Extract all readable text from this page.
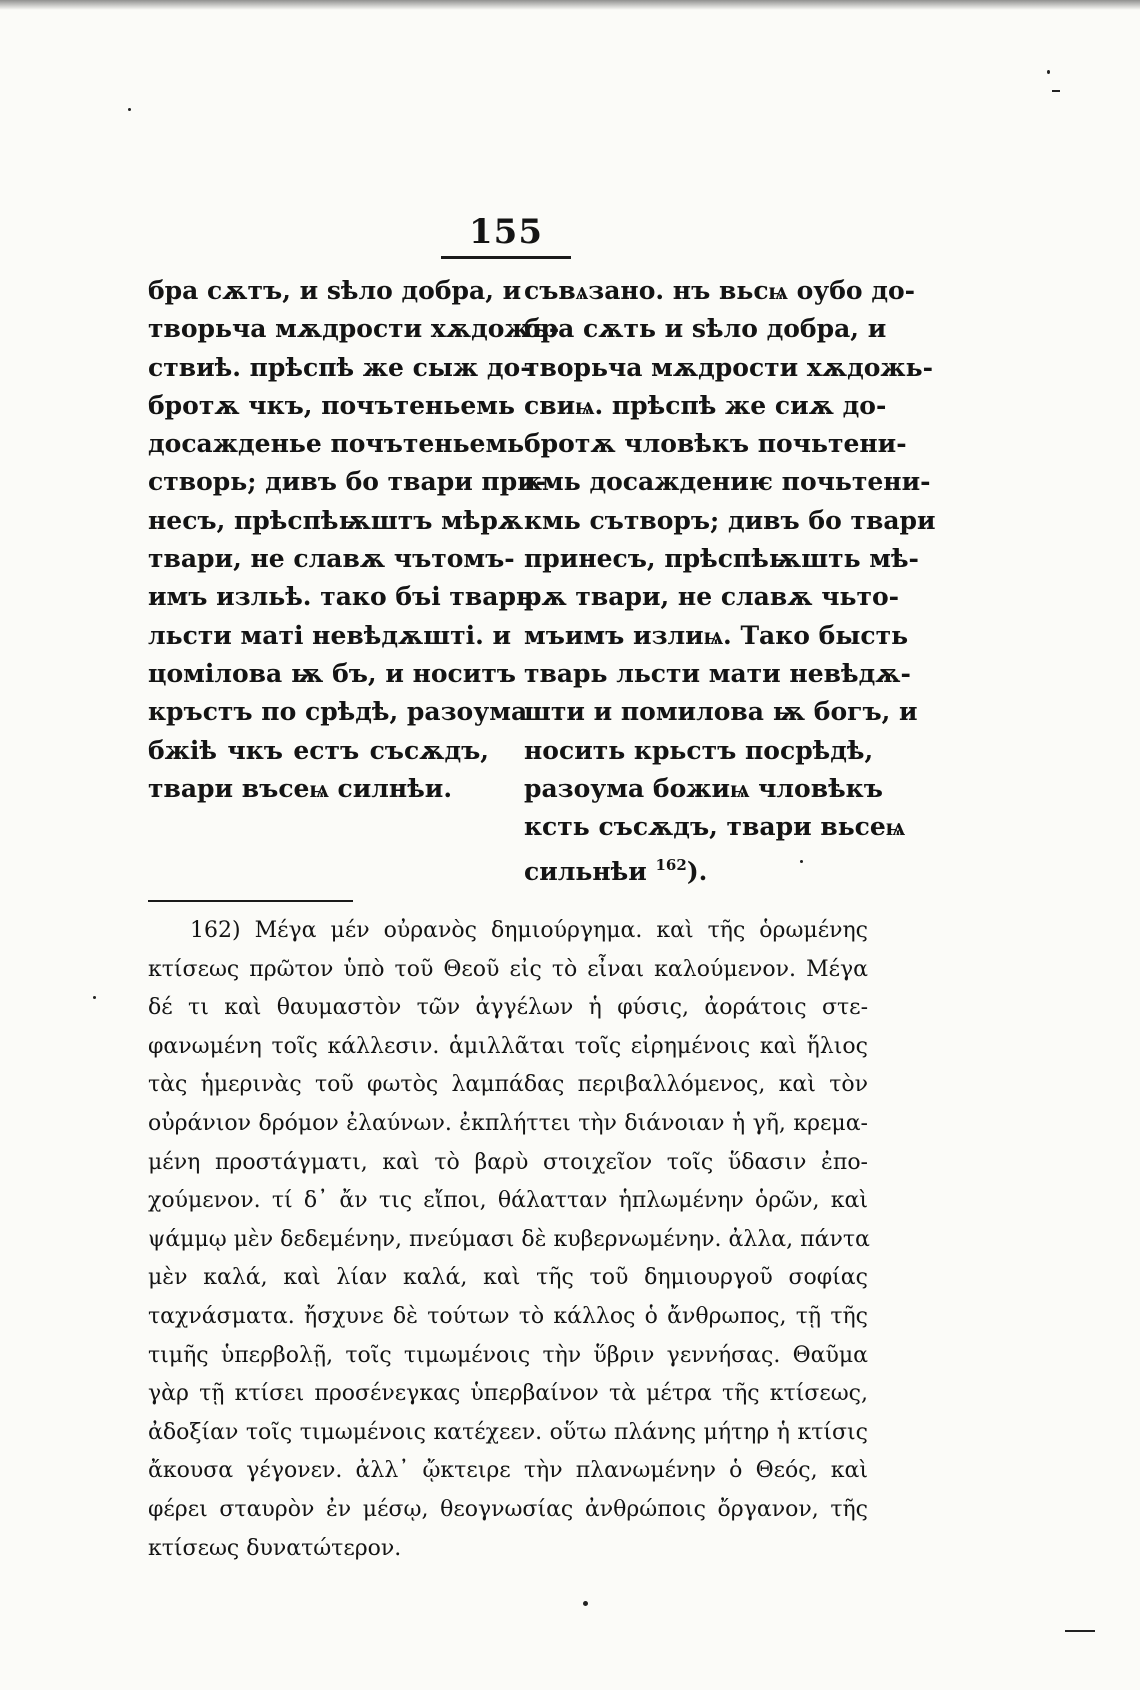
155
бра сѫтъ, и ѕѣло добра, и
творьча мѫдрости хѫдожъ-
ствиѣ. прѣспѣ же сыж до-
бротѫ чкъ, почътеньемь
досажденье почътеньемь
створь; дивъ бо твари при-
несъ, прѣспѣѭштъ мѣрѫ
твари, не славѫ чътомъ-
имъ изльѣ. тако бъі тварь
льсти маті невѣдѫшті. и
цомілова ѭ бъ, и носитъ
кръстъ по срѣдѣ, разоума
бжіѣ чкъ естъ съсѫдъ,
твари въсеѩ силнѣи.
съвѧзано. нъ вьсѩ оубо до-
брa сѫть и ѕѣлo добрa, и
творьча мѫдрости хѫдожь-
свиѩ. прѣспѣ же сиѫ до-
бротѫ чловѣкъ почьтени-
кмь досаждениѥ почьтени-
кмь сътворъ; дивъ бо твари
принесъ, прѣспѣѭшть мѣ-
рѫ твари, не славѫ чьто-
мъимъ излиѩ. Тако бысть
тварь льсти мати невѣдѫ-
шти и помилова ѭ богъ, и
носить крьстъ посрѣдѣ,
разоума божиѩ чловѣкъ
ксть съсѫдъ, твари вьсеѩ
сильнѣи $^{162}$).
162) Μέγα μέν οὐρανὸς δημιούργημα. καὶ τῆς ὁρωμένης
κτίσεως πρῶτον ὑπὸ τοῦ Θεοῦ εἰς τὸ εἶναι καλούμενον. Μέγα
δέ τι καὶ θαυμαστὸν τῶν ἀγγέλων ἡ φύσις, ἀοράτοις στε-
φανωμένη τοῖς κάλλεσιν. ἁμιλλᾶται τοῖς εἰρημένοις καὶ ἥλιος
τὰς ἡμερινὰς τοῦ φωτὸς λαμπάδας περιβαλλόμενος, καὶ τὸν
οὐράνιον δρόμον ἐλαύνων. ἐκπλήττει τὴν διάνοιαν ἡ γῆ, κρεμα-
μένη προστάγματι, καὶ τὸ βαρὺ στοιχεῖον τοῖς ὕδασιν ἐπο-
χούμενον. τί δ᾽ ἄν τις εἴποι, θάλατταν ἡπλωμένην ὁρῶν, καὶ
ψάμμῳ μὲν δεδεμένην, πνεύμασι δὲ κυβερνωμένην. ἀλλα, πάντα
μὲν καλά, καὶ λίαν καλά, καὶ τῆς τοῦ δημιουργοῦ σοφίας
ταχνάσματα. ἤσχυνε δὲ τούτων τὸ κάλλος ὁ ἄνθρωπος, τῇ τῆς
τιμῆς ὑπερβολῇ, τοῖς τιμωμένοις τὴν ὕβριν γεννήσας. Θαῦμα
γὰρ τῇ κτίσει προσένεγκας ὑπερβαίνον τὰ μέτρα τῆς κτίσεως,
ἀδοξίαν τοῖς τιμωμένοις κατέχεεν. οὕτω πλάνης μήτηρ ἡ κτίσις
ἄκουσα γέγονεν. ἀλλ᾽ ᾤκτειρε τὴν πλανωμένην ὁ Θεός, καὶ
φέρει σταυρὸν ἐν μέσῳ, θεογνωσίας ἀνθρώποις ὄργανον, τῆς
κτίσεως δυνατώτερον.
